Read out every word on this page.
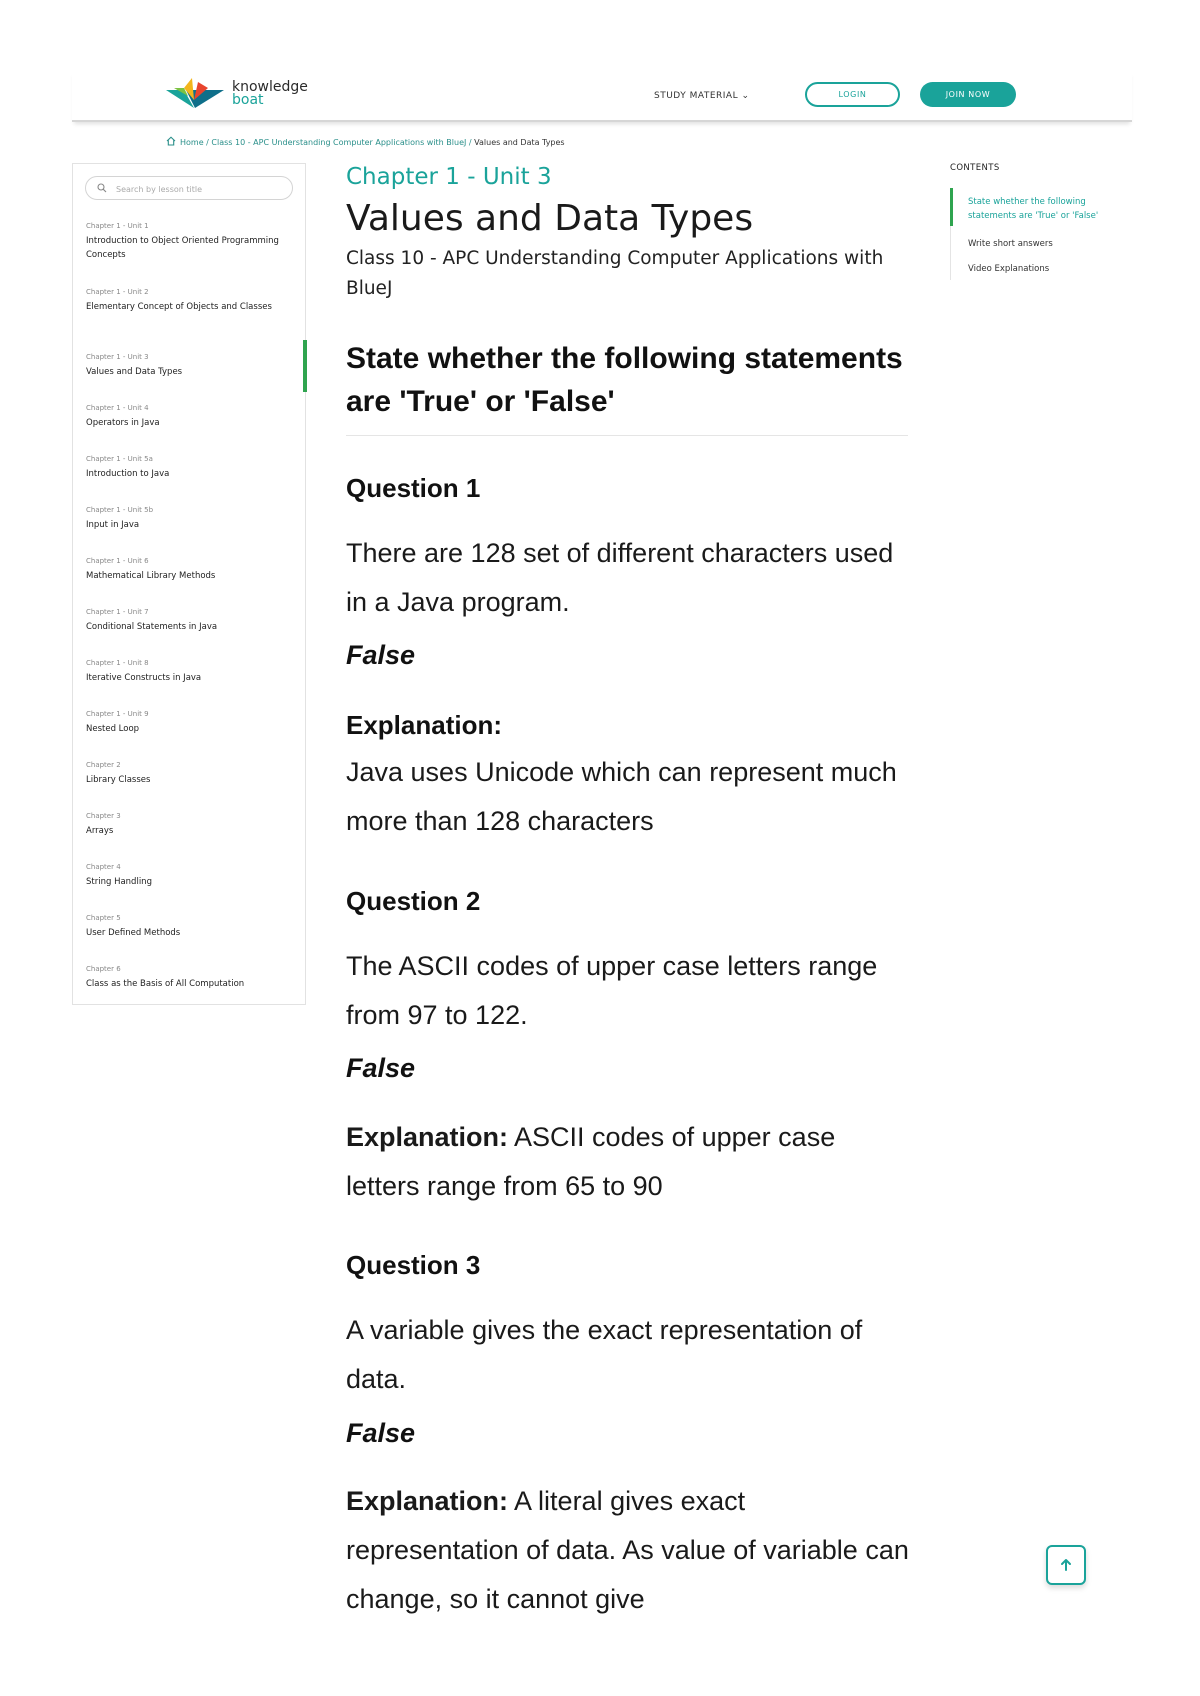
knowledge
boat	STUDY MATERIAL ⌄	LOGIN	JOIN NOW
Home / Class 10 - APC Understanding Computer Applications with BlueJ / Values and Data Types
Search by lesson title
Chapter 1 - Unit 1
Introduction to Object Oriented Programming Concepts
Chapter 1 - Unit 2
Elementary Concept of Objects and Classes
Chapter 1 - Unit 3
Values and Data Types
Chapter 1 - Unit 4
Operators in Java
Chapter 1 - Unit 5a
Introduction to Java
Chapter 1 - Unit 5b
Input in Java
Chapter 1 - Unit 6
Mathematical Library Methods
Chapter 1 - Unit 7
Conditional Statements in Java
Chapter 1 - Unit 8
Iterative Constructs in Java
Chapter 1 - Unit 9
Nested Loop
Chapter 2
Library Classes
Chapter 3
Arrays
Chapter 4
String Handling
Chapter 5
User Defined Methods
Chapter 6
Class as the Basis of All Computation
Chapter 1 - Unit 3
Values and Data Types
Class 10 - APC Understanding Computer Applications with BlueJ
State whether the following statements are 'True' or 'False'
Question 1
There are 128 set of different characters used in a Java program.
False
Explanation:
Java uses Unicode which can represent much more than 128 characters
Question 2
The ASCII codes of upper case letters range from 97 to 122.
False
Explanation: ASCII codes of upper case letters range from 65 to 90
Question 3
A variable gives the exact representation of data.
False
Explanation: A literal gives exact representation of data. As value of variable can change, so it cannot give
CONTENTS
State whether the following statements are 'True' or 'False'
Write short answers
Video Explanations
